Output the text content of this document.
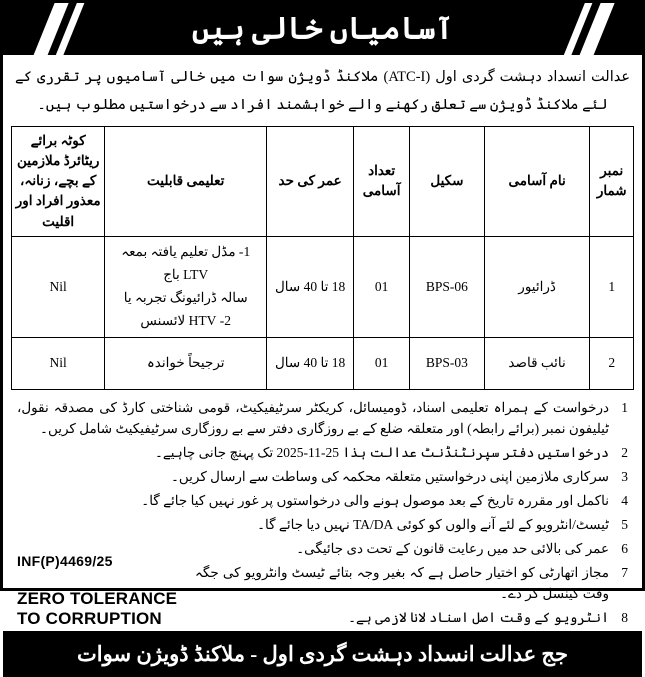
آسامیاں خالی ہیں
عدالت انسداد دہشت گردی اول (ATC-I) ملاکنڈ ڈویژن سوات میں خالی آسامیوں پر تقرری کے لئے ملاکنڈ ڈویژن سے تعلق رکھنے والے خواہشمند افراد سے درخواستیں مطلوب ہیں۔
نمبر شمار	نام آسامی	سکیل	تعداد آسامی	عمر کی حد	تعلیمی قابلیت	کوٹہ برائے ریٹائرڈ ملازمین کے بچے، زنانہ، معذور افراد اور اقلیت
1	ڈرائیور	BPS-06	01	18 تا 40 سال	1- مڈل تعلیم یافتہ بمعہ LTV باج
سالہ ڈرائیونگ تجربہ یا
2- HTV لائسنس	Nil
2	نائب قاصد	BPS-03	01	18 تا 40 سال	ترجیحاً خواندہ	Nil
1
درخواست کے ہمراہ تعلیمی اسناد، ڈومیسائل، کریکٹر سرٹیفیکیٹ، قومی شناختی کارڈ کی مصدقہ نقول، ٹیلیفون نمبر (برائے رابطہ) اور متعلقہ ضلع کے بے روزگاری دفتر سے بے روزگاری سرٹیفیکیٹ شامل کریں۔
2
درخواستیں دفتر سپرنٹنڈنٹ عدالت ہذا 25-11-2025 تک پہنچ جانی چاہیے۔
3
سرکاری ملازمین اپنی درخواستیں متعلقہ محکمہ کی وساطت سے ارسال کریں۔
4
ناکمل اور مقررہ تاریخ کے بعد موصول ہونے والی درخواستوں پر غور نہیں کیا جائے گا۔
5
ٹیسٹ/انٹرویو کے لئے آنے والوں کو کوئی TA/DA نہیں دیا جائے گا۔
6
عمر کی بالائی حد میں رعایت قانون کے تحت دی جائیگی۔
7
مجاز اتھارٹی کو اختیار حاصل ہے کہ بغیر وجہ بتائے ٹیسٹ وانٹرویو کی جگہ وقت کینسل کر دے۔
8
انٹرویو کے وقت اصل اسناد لانا لازمی ہے۔
INF(P)4469/25
ZERO TOLERANCE
TO CORRUPTION
جج عدالت انسداد دہشت گردی اول - ملاکنڈ ڈویژن سوات
